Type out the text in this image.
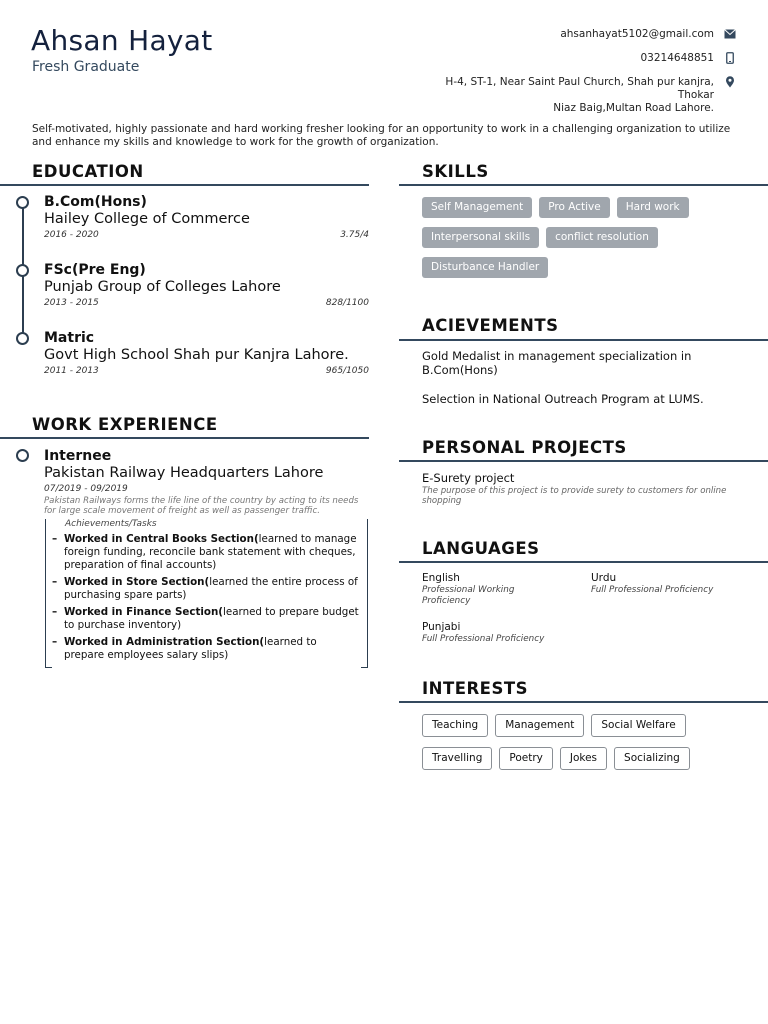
Ahsan Hayat
Fresh Graduate
ahsanhayat5102@gmail.com
03214648851
H-4, ST-1, Near Saint Paul Church, Shah pur kanjra, Thokar
Niaz Baig,Multan Road Lahore.
Self-motivated, highly passionate and hard working fresher looking for an opportunity to work in a challenging organization to utilize and enhance my skills and knowledge to work for the growth of organization.
EDUCATION
B.Com(Hons)
Hailey College of Commerce
2016 - 2020	3.75/4
FSc(Pre Eng)
Punjab Group of Colleges Lahore
2013 - 2015	828/1100
Matric
Govt High School Shah pur Kanjra Lahore.
2011 - 2013	965/1050
WORK EXPERIENCE
Internee
Pakistan Railway Headquarters Lahore
07/2019 - 09/2019
Pakistan Railways forms the life line of the country by acting to its needs for large scale movement of freight as well as passenger traffic.
Achievements/Tasks
– Worked in Central Books Section(learned to manage foreign funding, reconcile bank statement with cheques, preparation of final accounts)
– Worked in Store Section(learned the entire process of purchasing spare parts)
– Worked in Finance Section(learned to prepare budget to purchase inventory)
– Worked in Administration Section(learned to prepare employees salary slips)
SKILLS
Self Management	Pro Active	Hard work
Interpersonal skills	conflict resolution
Disturbance Handler
ACIEVEMENTS
Gold Medalist in management specialization in B.Com(Hons)
Selection in National Outreach Program at LUMS.
PERSONAL PROJECTS
E-Surety project
The purpose of this project is to provide surety to customers for online shopping
LANGUAGES
English
Professional Working Proficiency
Urdu
Full Professional Proficiency
Punjabi
Full Professional Proficiency
INTERESTS
Teaching	Management	Social Welfare
Travelling	Poetry	Jokes	Socializing
